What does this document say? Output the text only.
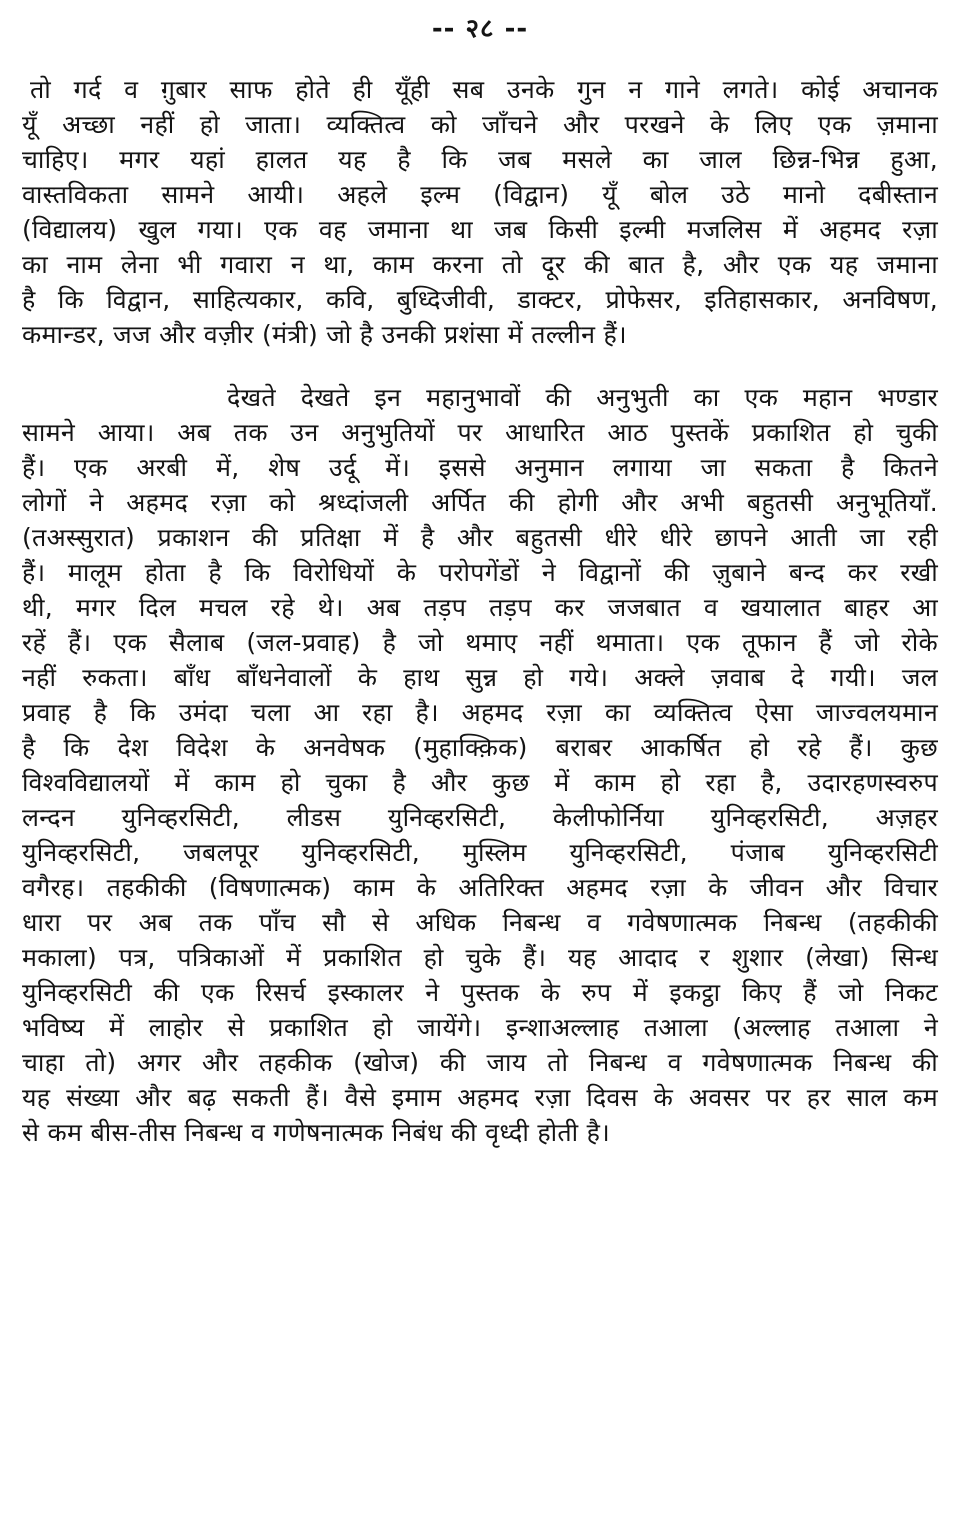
-- २८ --
तो गर्द व ग़ुबार साफ होते ही यूँही सब उनके गुन न गाने लगते। कोई अचानक
यूँ अच्छा नहीं हो जाता। व्यक्तित्व को जाँचने और परखने के लिए एक ज़माना
चाहिए। मगर यहां हालत यह है कि जब मसले का जाल छिन्न-भिन्न हुआ,
वास्तविकता सामने आयी। अहले इल्म (विद्वान) यूँ बोल उठे मानो दबीस्तान
(विद्यालय) खुल गया। एक वह जमाना था जब किसी इल्मी मजलिस में अहमद रज़ा
का नाम लेना भी गवारा न था, काम करना तो दूर की बात है, और एक यह जमाना
है कि विद्वान, साहित्यकार, कवि, बुध्दिजीवी, डाक्टर, प्रोफेसर, इतिहासकार, अनविषण,
कमान्डर, जज और वज़ीर (मंत्री) जो है उनकी प्रशंसा में तल्लीन हैं।
देखते देखते इन महानुभावों की अनुभुती का एक महान भण्डार
सामने आया। अब तक उन अनुभुतियों पर आधारित आठ पुस्तकें प्रकाशित हो चुकी
हैं। एक अरबी में, शेष उर्दू में। इससे अनुमान लगाया जा सकता है कितने
लोगों ने अहमद रज़ा को श्रध्दांजली अर्पित की होगी और अभी बहुतसी अनुभूतियाँ.
(तअस्सुरात) प्रकाशन की प्रतिक्षा में है और बहुतसी धीरे धीरे छापने आती जा रही
हैं। मालूम होता है कि विरोधियों के परोपगेंडों ने विद्वानों की ज़ुबाने बन्द कर रखी
थी, मगर दिल मचल रहे थे। अब तड़प तड़प कर जजबात व खयालात बाहर आ
रहें हैं। एक सैलाब (जल-प्रवाह) है जो थमाए नहीं थमाता। एक तूफान हैं जो रोके
नहीं रुकता। बाँध बाँधनेवालों के हाथ सुन्न हो गये। अक्ले ज़वाब दे गयी। जल
प्रवाह है कि उमंदा चला आ रहा है। अहमद रज़ा का व्यक्तित्व ऐसा जाज्वलयमान
है कि देश विदेश के अनवेषक (मुहाक्क़िक) बराबर आकर्षित हो रहे हैं। कुछ
विश्वविद्यालयों में काम हो चुका है और कुछ में काम हो रहा है, उदारहणस्वरुप
लन्दन युनिव्हरसिटी, लीडस युनिव्हरसिटी, केलीफोर्निया युनिव्हरसिटी, अज़हर
युनिव्हरसिटी, जबलपूर युनिव्हरसिटी, मुस्लिम युनिव्हरसिटी, पंजाब युनिव्हरसिटी
वगैरह। तहकीकी (विषणात्मक) काम के अतिरिक्त अहमद रज़ा के जीवन और विचार
धारा पर अब तक पाँच सौ से अधिक निबन्ध व गवेषणात्मक निबन्ध (तहकीकी
मकाला) पत्र, पत्रिकाओं में प्रकाशित हो चुके हैं। यह आदाद र शुशार (लेखा) सिन्ध
युनिव्हरसिटी की एक रिसर्च इस्कालर ने पुस्तक के रुप में इकट्ठा किए हैं जो निकट
भविष्य में लाहोर से प्रकाशित हो जायेंगे। इन्शाअल्लाह तआला (अल्लाह तआला ने
चाहा तो) अगर और तहकीक (खोज) की जाय तो निबन्ध व गवेषणात्मक निबन्ध की
यह संख्या और बढ़ सकती हैं। वैसे इमाम अहमद रज़ा दिवस के अवसर पर हर साल कम
से कम बीस-तीस निबन्ध व गणेषनात्मक निबंध की वृध्दी होती है।
